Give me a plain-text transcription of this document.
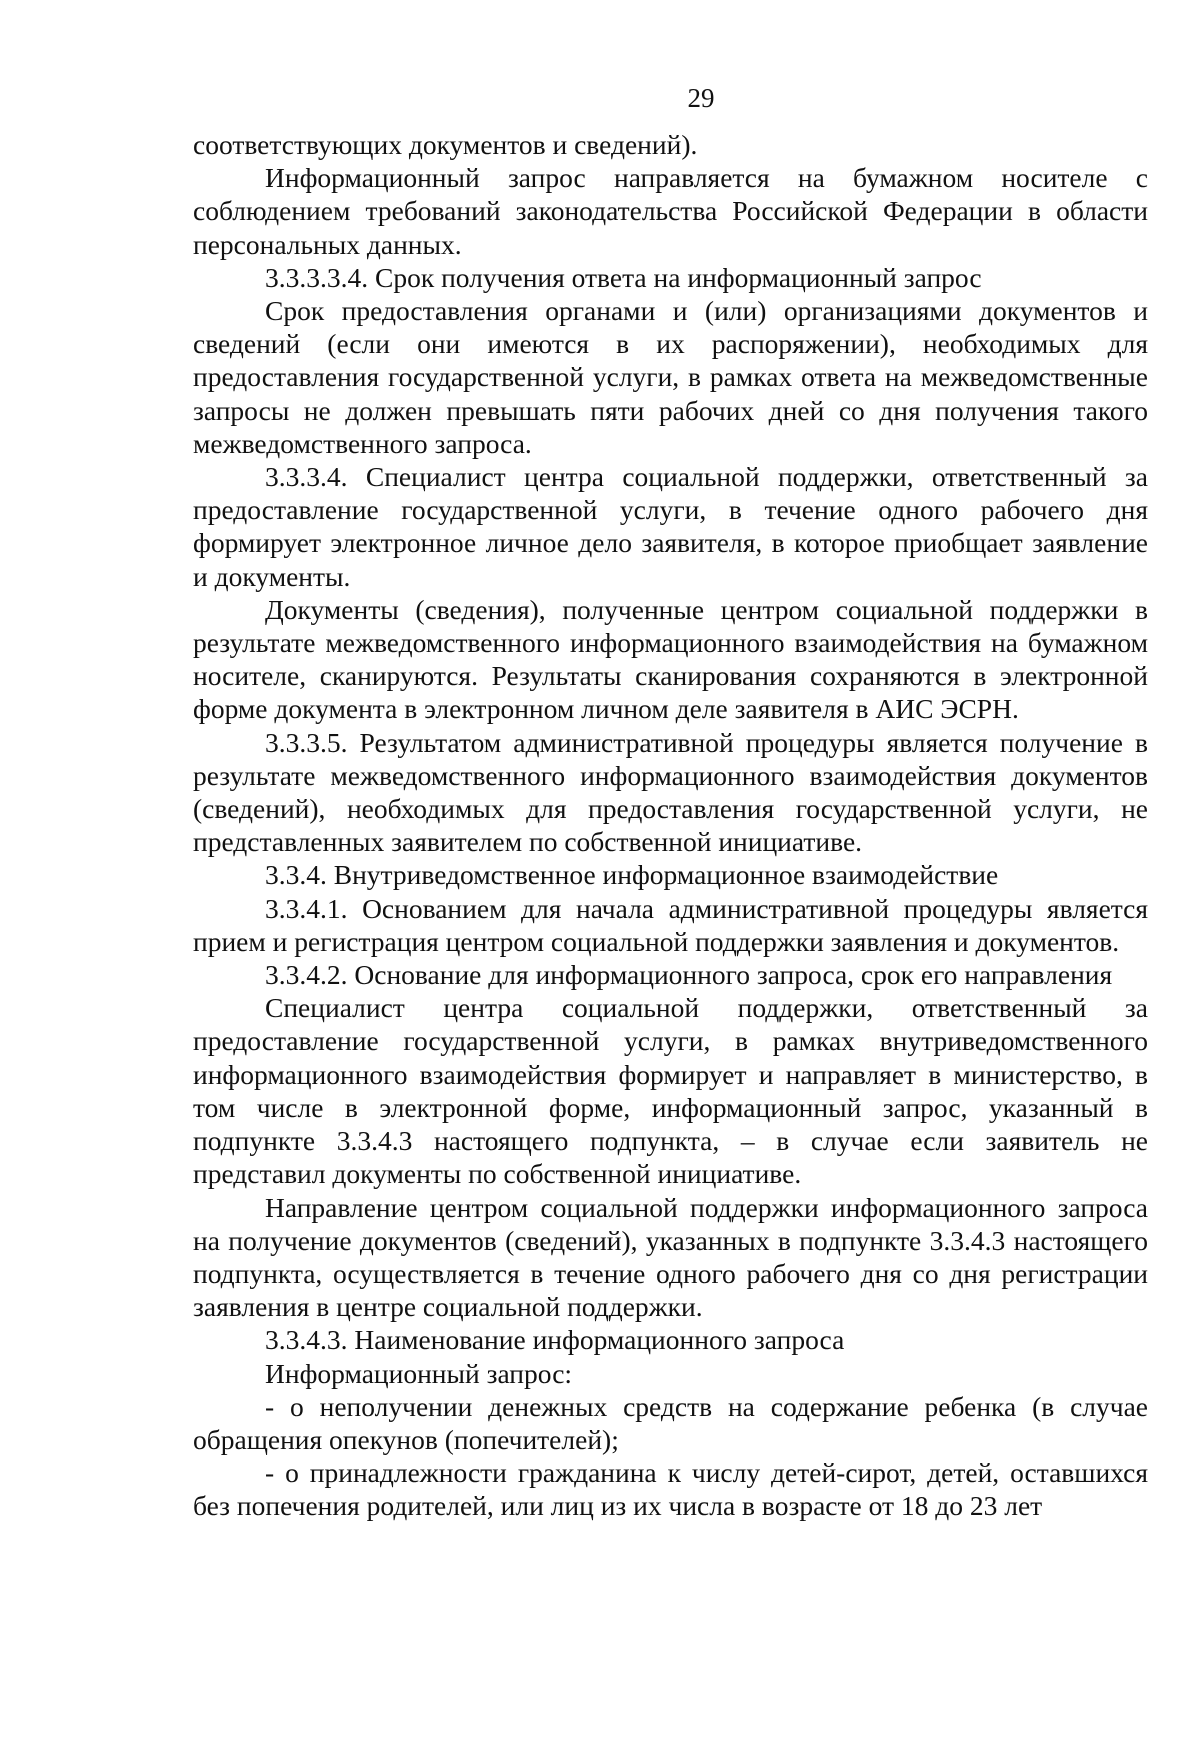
29

соответствующих документов и сведений).

Информационный запрос направляется на бумажном носителе с соблюдением требований законодательства Российской Федерации в области персональных данных.

3.3.3.3.4. Срок получения ответа на информационный запрос

Срок предоставления органами и (или) организациями документов и сведений (если они имеются в их распоряжении), необходимых для предоставления государственной услуги, в рамках ответа на межведомственные запросы не должен превышать пяти рабочих дней со дня получения такого межведомственного запроса.

3.3.3.4. Специалист центра социальной поддержки, ответственный за предоставление государственной услуги, в течение одного рабочего дня формирует электронное личное дело заявителя, в которое приобщает заявление и документы.

Документы (сведения), полученные центром социальной поддержки в результате межведомственного информационного взаимодействия на бумажном носителе, сканируются. Результаты сканирования сохраняются в электронной форме документа в электронном личном деле заявителя в АИС ЭСРН.

3.3.3.5. Результатом административной процедуры является получение в результате межведомственного информационного взаимодействия документов (сведений), необходимых для предоставления государственной услуги, не представленных заявителем по собственной инициативе.

3.3.4. Внутриведомственное информационное взаимодействие

3.3.4.1. Основанием для начала административной процедуры является прием и регистрация центром социальной поддержки заявления и документов.

3.3.4.2. Основание для информационного запроса, срок его направления

Специалист центра социальной поддержки, ответственный за предоставление государственной услуги, в рамках внутриведомственного информационного взаимодействия формирует и направляет в министерство, в том числе в электронной форме, информационный запрос, указанный в подпункте 3.3.4.3 настоящего подпункта, – в случае если заявитель не представил документы по собственной инициативе.

Направление центром социальной поддержки информационного запроса на получение документов (сведений), указанных в подпункте 3.3.4.3 настоящего подпункта, осуществляется в течение одного рабочего дня со дня регистрации заявления в центре социальной поддержки.

3.3.4.3. Наименование информационного запроса

Информационный запрос:

- о неполучении денежных средств на содержание ребенка (в случае обращения опекунов (попечителей);

- о принадлежности гражданина к числу детей-сирот, детей, оставшихся без попечения родителей, или лиц из их числа в возрасте от 18 до 23 лет
